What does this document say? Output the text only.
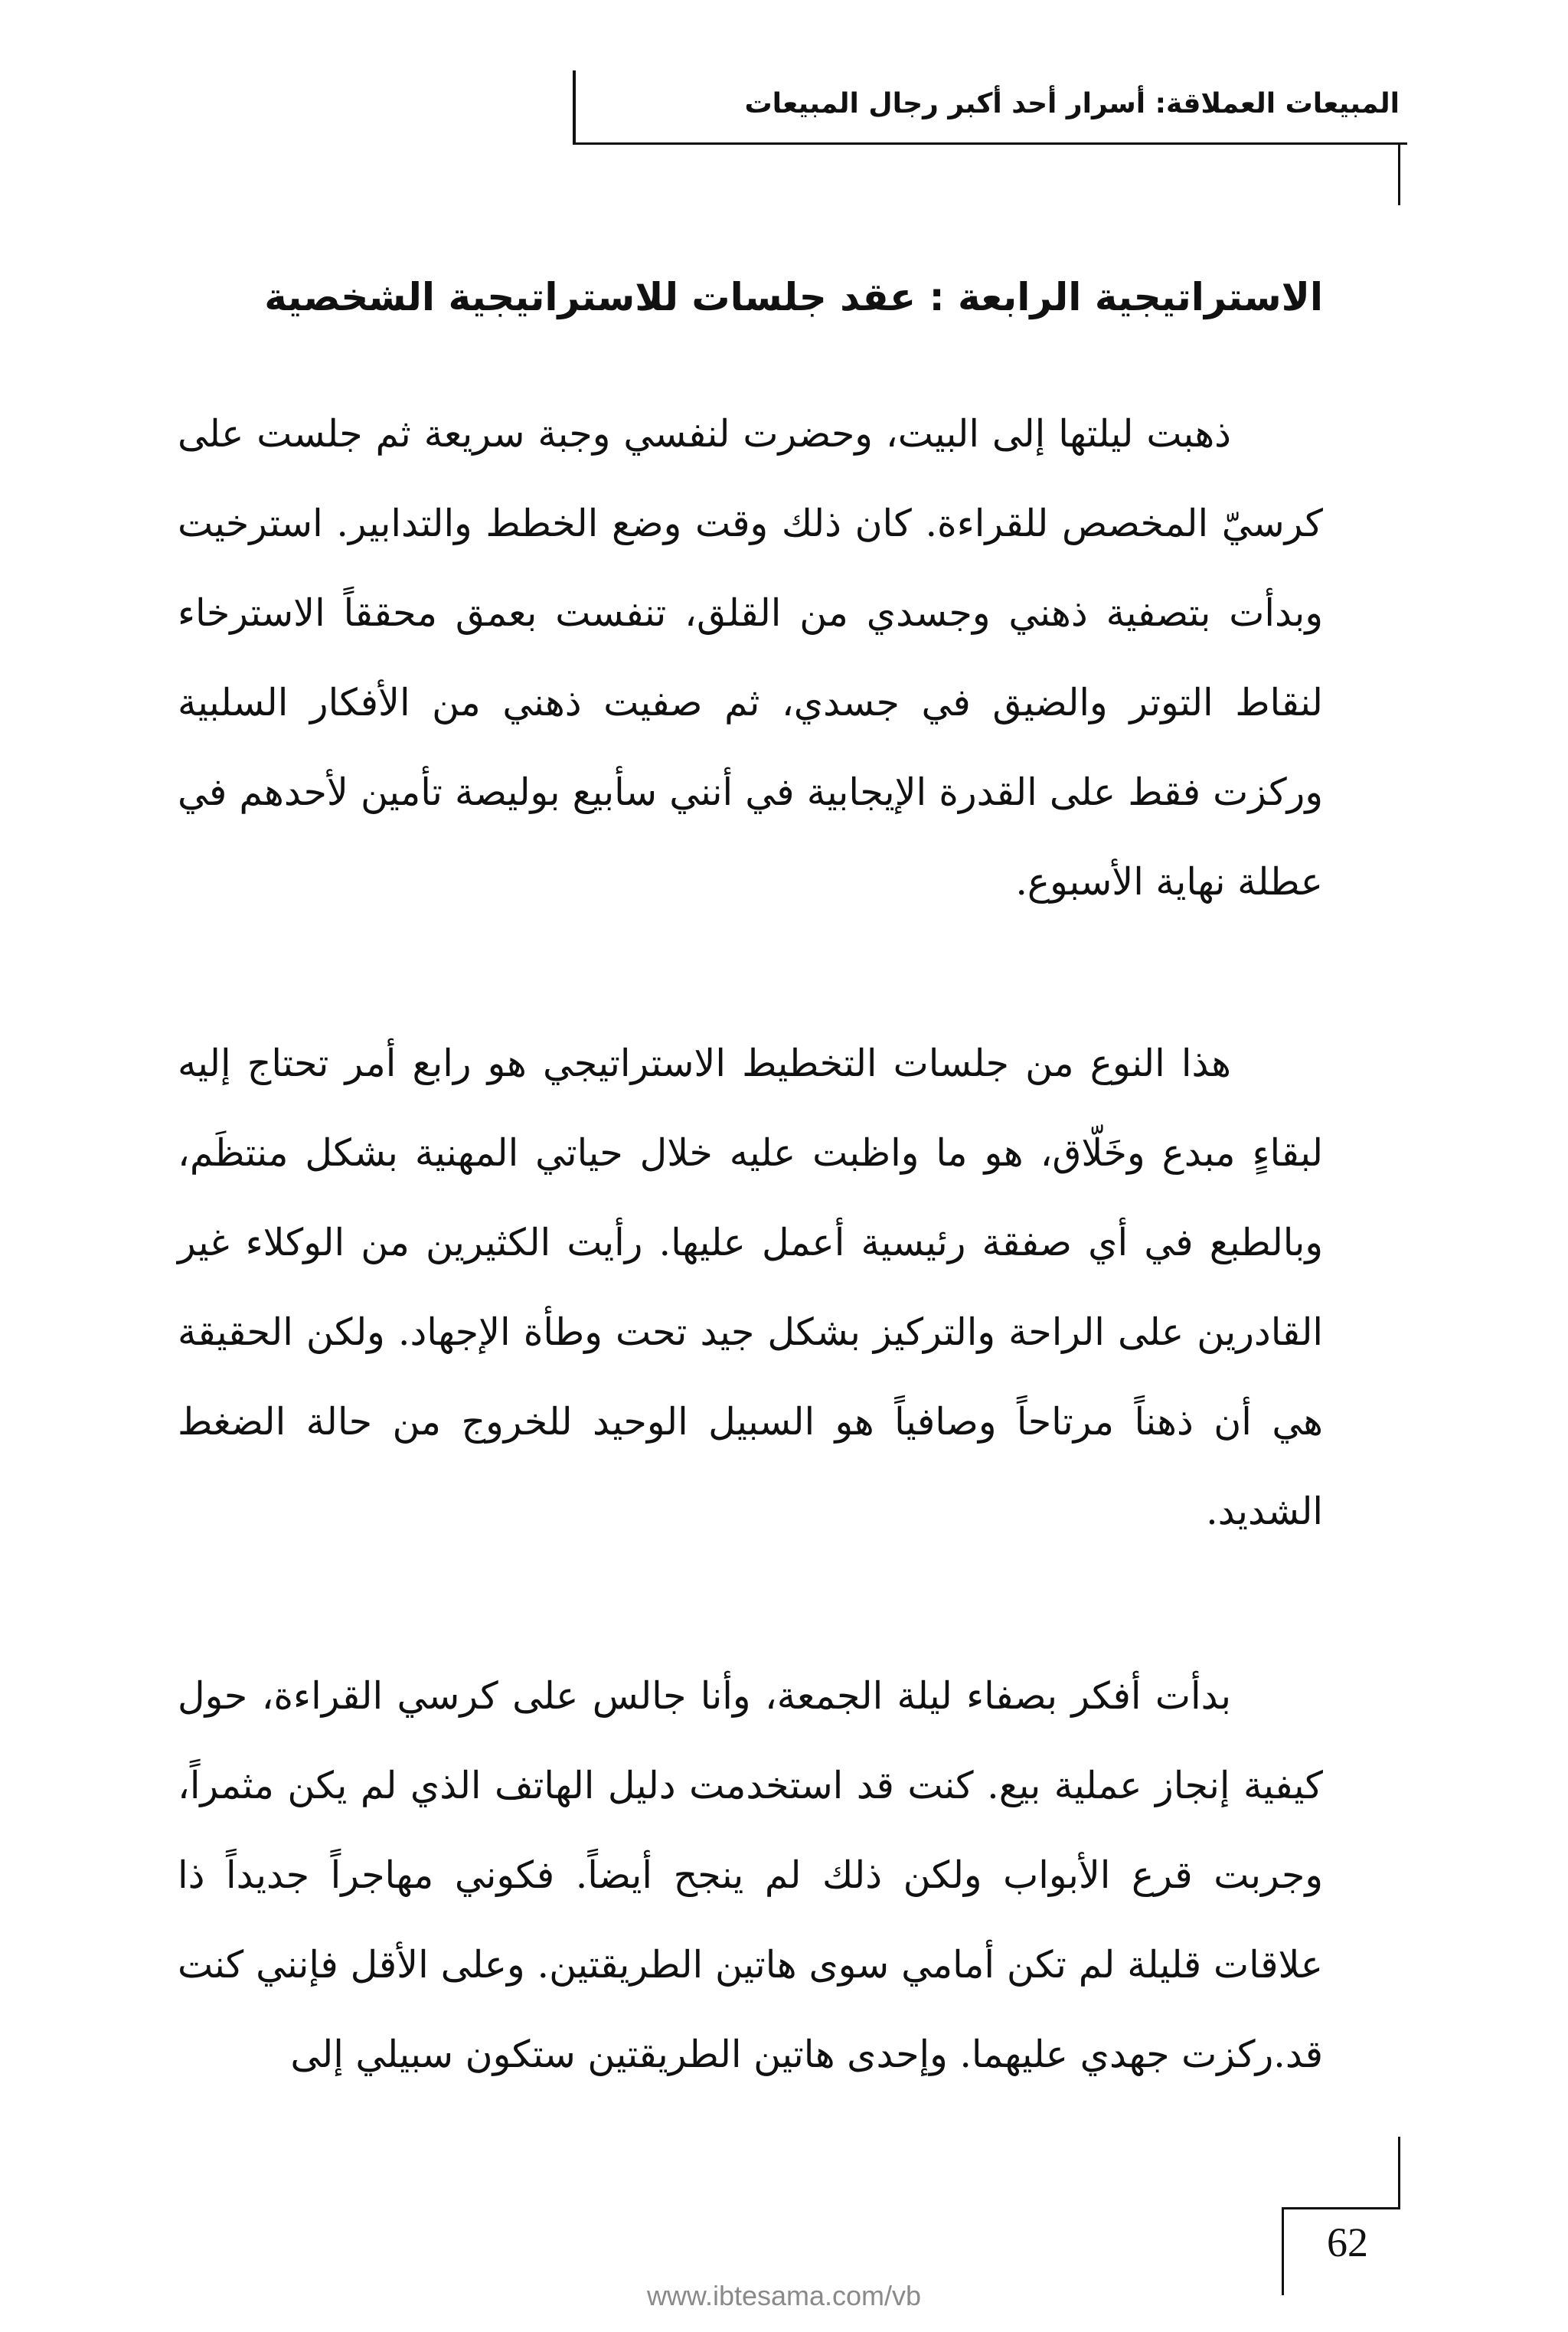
المبيعات العملاقة: أسرار أحد أكبر رجال المبيعات
الاستراتيجية الرابعة : عقد جلسات للاستراتيجية الشخصية

ذهبت ليلتها إلى البيت، وحضرت لنفسي وجبة سريعة ثم جلست على كرسيّ المخصص للقراءة. كان ذلك وقت وضع الخطط والتدابير. استرخيت وبدأت بتصفية ذهني وجسدي من القلق، تنفست بعمق محققاً الاسترخاء لنقاط التوتر والضيق في جسدي، ثم صفيت ذهني من الأفكار السلبية وركزت فقط على القدرة الإيجابية في أنني سأبيع بوليصة تأمين لأحدهم في عطلة نهاية الأسبوع.

هذا النوع من جلسات التخطيط الاستراتيجي هو رابع أمر تحتاج إليه لبقاءٍ مبدع وخَلّاق، هو ما واظبت عليه خلال حياتي المهنية بشكل منتظَم، وبالطبع في أي صفقة رئيسية أعمل عليها. رأيت الكثيرين من الوكلاء غير القادرين على الراحة والتركيز بشكل جيد تحت وطأة الإجهاد. ولكن الحقيقة هي أن ذهناً مرتاحاً وصافياً هو السبيل الوحيد للخروج من حالة الضغط الشديد.

بدأت أفكر بصفاء ليلة الجمعة، وأنا جالس على كرسي القراءة، حول كيفية إنجاز عملية بيع. كنت قد استخدمت دليل الهاتف الذي لم يكن مثمراً، وجربت قرع الأبواب ولكن ذلك لم ينجح أيضاً. فكوني مهاجراً جديداً ذا علاقات قليلة لم تكن أمامي سوى هاتين الطريقتين. وعلى الأقل فإنني كنت قد.ركزت جهدي عليهما. وإحدى هاتين الطريقتين ستكون سبيلي إلى

62
www.ibtesama.com/vb
